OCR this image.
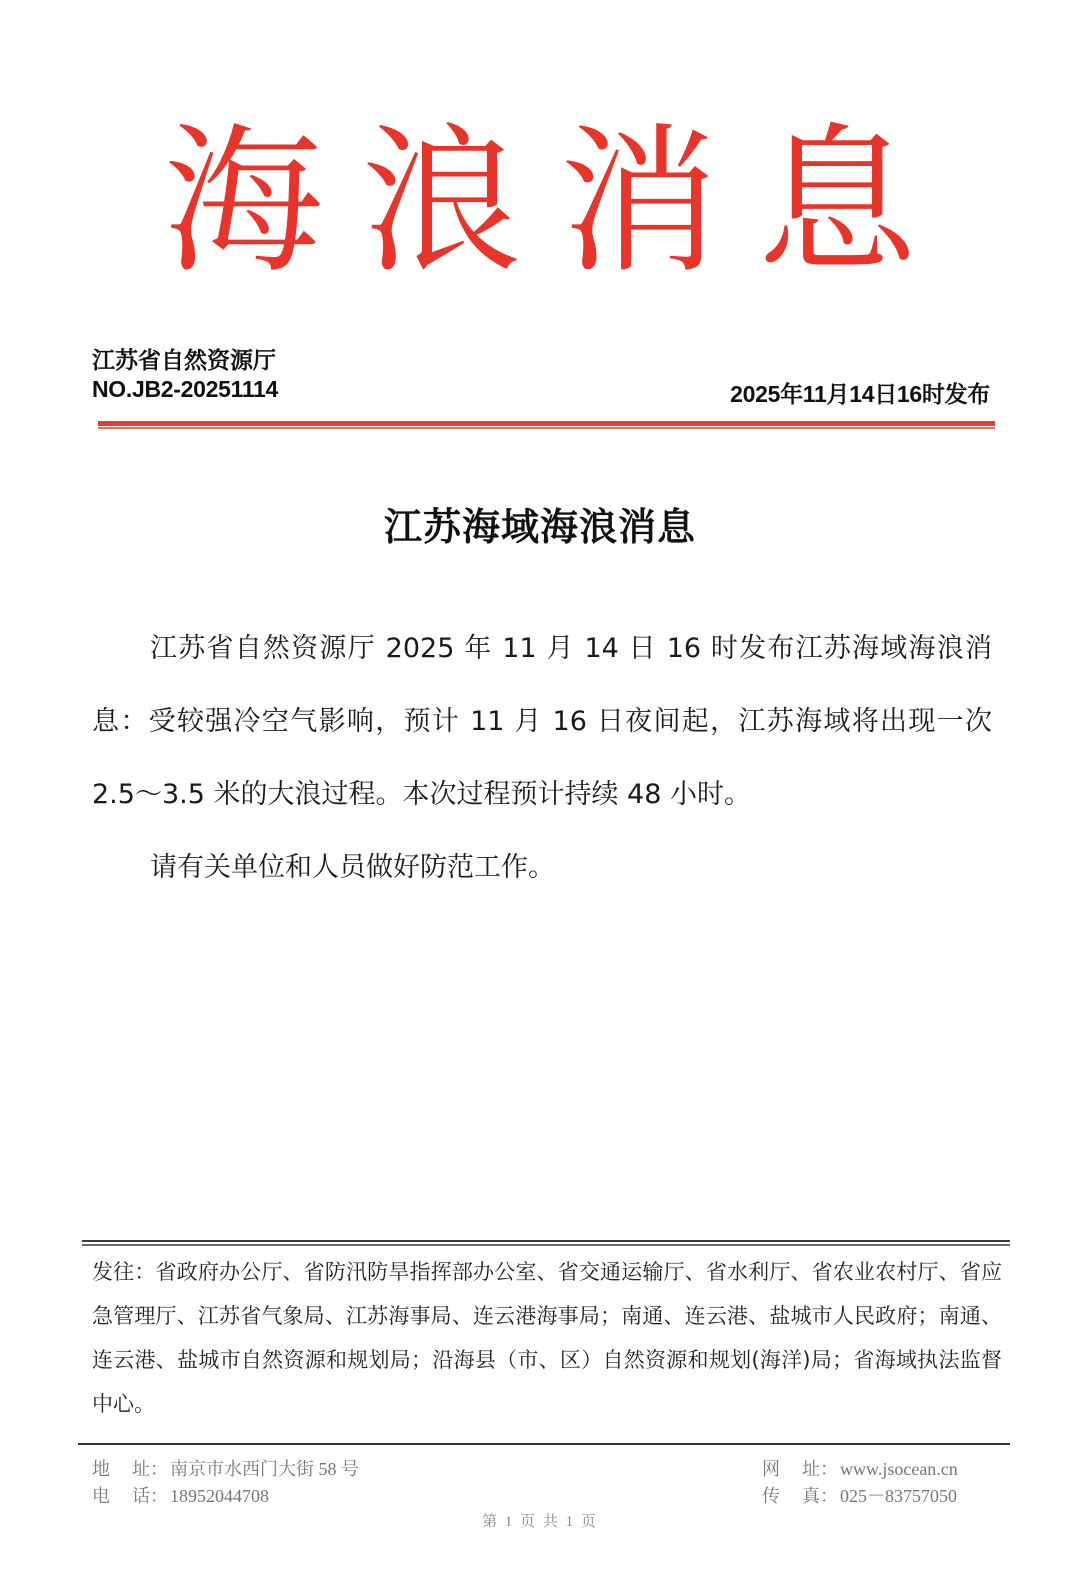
海 浪 消 息
江苏省自然资源厅
NO.JB2-20251114	2025年11月14日16时发布
江苏海域海浪消息

江苏省自然资源厅 2025 年 11 月 14 日 16 时发布江苏海域海浪消息：受较强冷空气影响，预计 11 月 16 日夜间起，江苏海域将出现一次 2.5～3.5 米的大浪过程。本次过程预计持续 48 小时。

请有关单位和人员做好防范工作。

发往：省政府办公厅、省防汛防旱指挥部办公室、省交通运输厅、省水利厅、省农业农村厅、省应急管理厅、江苏省气象局、江苏海事局、连云港海事局；南通、连云港、盐城市人民政府；南通、连云港、盐城市自然资源和规划局；沿海县（市、区）自然资源和规划(海洋)局；省海域执法监督中心。
地	址： 南京市水西门大街 58 号
电	话： 18952044708
网	址： www.jsocean.cn
传	真： 025－83757050
第 1 页 共 1 页
